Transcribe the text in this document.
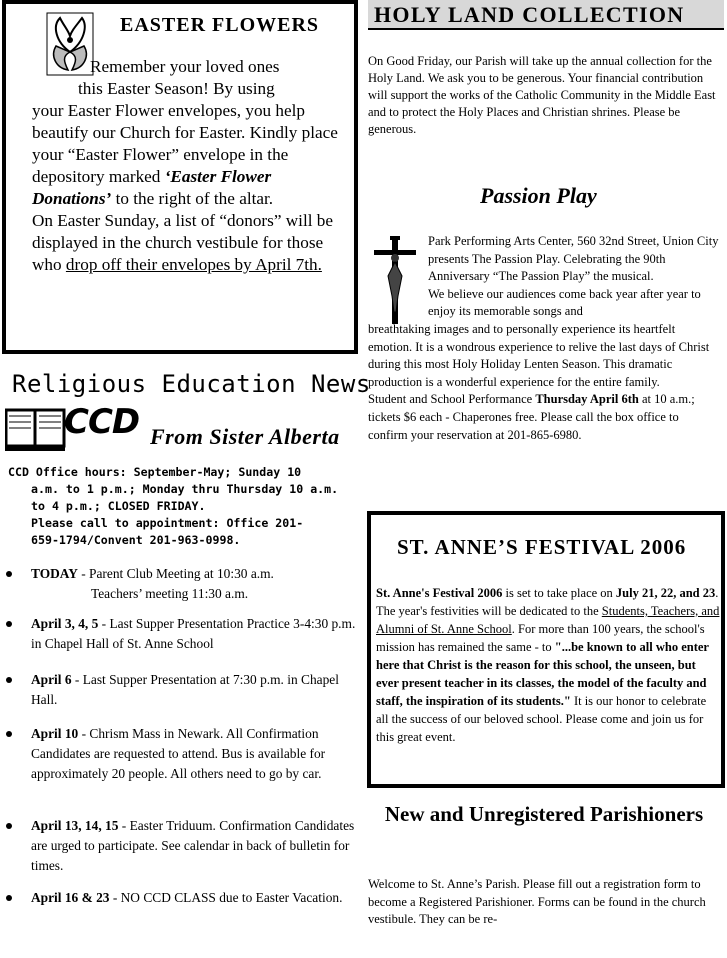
EASTER FLOWERS

Remember your loved ones

this Easter Season! By using

your Easter Flower envelopes, you help beautify our Church for Easter. Kindly place your “Easter Flower” envelope in the depository marked ‘Easter Flower Donations’ to the right of the altar.

On Easter Sunday, a list of “donors” will be displayed in the church vestibule for those who drop off their envelopes by April 7th.

Religious Education News
CCD From Sister Alberta
CCD Office hours: September-May; Sunday 10
a.m. to 1 p.m.; Monday thru Thursday 10 a.m.
to 4 p.m.; CLOSED FRIDAY.
Please call to appointment: Office 201-
659-1794/Convent 201-963-0998.
TODAY - Parent Club Meeting at 10:30 a.m.
Teachers’ meeting 11:30 a.m.
April 3, 4, 5 - Last Supper Presentation Practice 3-4:30 p.m. in Chapel Hall of St. Anne School
April 6 - Last Supper Presentation at 7:30 p.m. in Chapel Hall.
April 10 - Chrism Mass in Newark. All Confirmation Candidates are requested to attend. Bus is available for approximately 20 people. All others need to go by car.
April 13, 14, 15 - Easter Triduum. Confirmation Candidates are urged to participate. See calendar in back of bulletin for times.
April 16 & 23 - NO CCD CLASS due to Easter Vacation.
HOLY LAND COLLECTION
On Good Friday, our Parish will take up the annual collection for the Holy Land. We ask you to be generous. Your financial contribution will support the works of the Catholic Community in the Middle East and to protect the Holy Places and Christian shrines. Please be generous.
Passion Play
Park Performing Arts Center, 560 32nd Street, Union City presents The Passion Play. Celebrating the 90th Anniversary “The Passion Play” the musical.
We believe our audiences come back year after year to enjoy its memorable songs and
breathtaking images and to personally experience its heartfelt emotion. It is a wondrous experience to relive the last days of Christ during this most Holy Holiday Lenten Season. This dramatic production is a wonderful experience for the entire family.
Student and School Performance Thursday April 6th at 10 a.m.; tickets $6 each - Chaperones free. Please call the box office to confirm your reservation at 201-865-6980.
ST. ANNE’S FESTIVAL 2006
St. Anne's Festival 2006 is set to take place on July 21, 22, and 23. The year's festivities will be dedicated to the Students, Teachers, and Alumni of St. Anne School. For more than 100 years, the school's mission has remained the same - to "...be known to all who enter here that Christ is the reason for this school, the unseen, but ever present teacher in its classes, the model of the faculty and staff, the inspiration of its students." It is our honor to celebrate all the success of our beloved school. Please come and join us for this great event.
New and Unregistered Parishioners
Welcome to St. Anne’s Parish. Please fill out a registration form to become a Registered Parishioner. Forms can be found in the church vestibule. They can be re-
